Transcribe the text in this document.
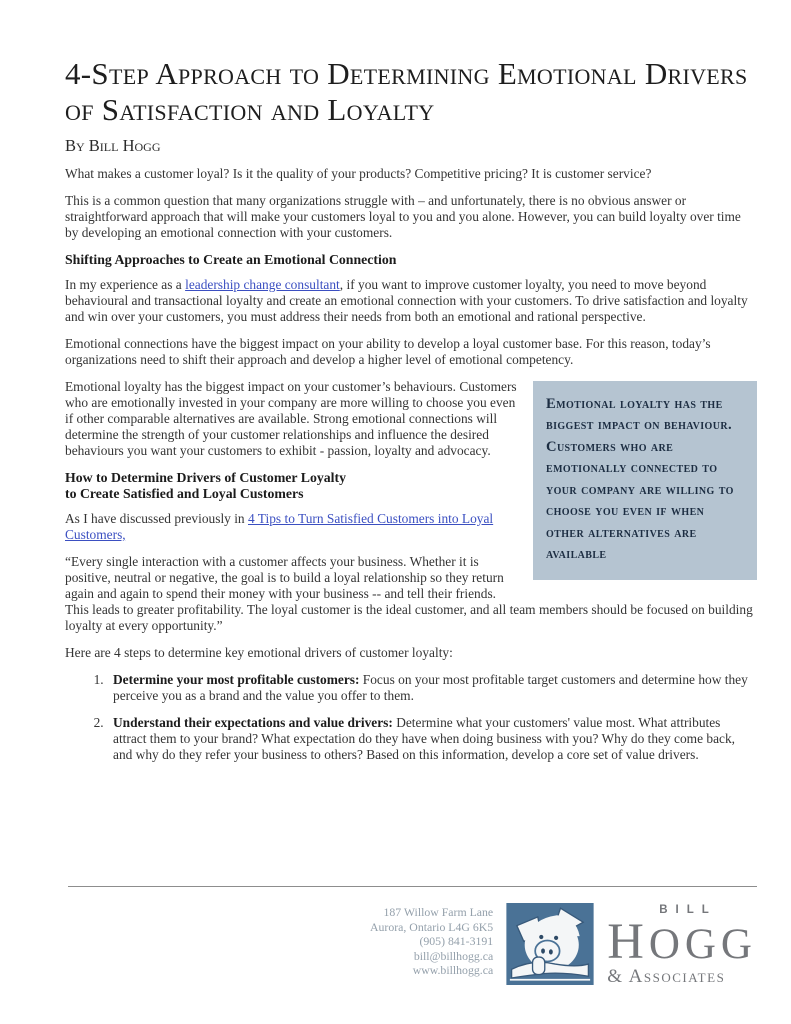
4-Step Approach to Determining Emotional Drivers of Satisfaction and Loyalty
By Bill Hogg

What makes a customer loyal? Is it the quality of your products? Competitive pricing? It is customer service?

This is a common question that many organizations struggle with – and unfortunately, there is no obvious answer or straightforward approach that will make your customers loyal to you and you alone. However, you can build loyalty over time by developing an emotional connection with your customers.

Shifting Approaches to Create an Emotional Connection

In my experience as a leadership change consultant, if you want to improve customer loyalty, you need to move beyond behavioural and transactional loyalty and create an emotional connection with your customers. To drive satisfaction and loyalty and win over your customers, you must address their needs from both an emotional and rational perspective.

Emotional connections have the biggest impact on your ability to develop a loyal customer base. For this reason, today’s organizations need to shift their approach and develop a higher level of emotional competency.

Emotional loyalty has the biggest impact on behaviour. Customers who are emotionally connected to your company are willing to choose you even if when other alternatives are available

Emotional loyalty has the biggest impact on your customer’s behaviours. Customers who are emotionally invested in your company are more willing to choose you even if other comparable alternatives are available. Strong emotional connections will determine the strength of your customer relationships and influence the desired behaviours you want your customers to exhibit - passion, loyalty and advocacy.

How to Determine Drivers of Customer Loyalty
to Create Satisfied and Loyal Customers

As I have discussed previously in 4 Tips to Turn Satisfied Customers into Loyal Customers,

“Every single interaction with a customer affects your business. Whether it is positive, neutral or negative, the goal is to build a loyal relationship so they return again and again to spend their money with your business -- and tell their friends. This leads to greater profitability. The loyal customer is the ideal customer, and all team members should be focused on building loyalty at every opportunity.”

Here are 4 steps to determine key emotional drivers of customer loyalty:

1. Determine your most profitable customers: Focus on your most profitable target customers and determine how they perceive you as a brand and the value you offer to them.
2. Understand their expectations and value drivers: Determine what your customers' value most. What attributes attract them to your brand? What expectation do they have when doing business with you? Why do they come back, and why do they refer your business to others? Based on this information, develop a core set of value drivers.
187 Willow Farm Lane
Aurora, Ontario L4G 6K5
(905) 841-3191
bill@billhogg.ca
www.billhogg.ca
BILL
HOGG
& Associates
